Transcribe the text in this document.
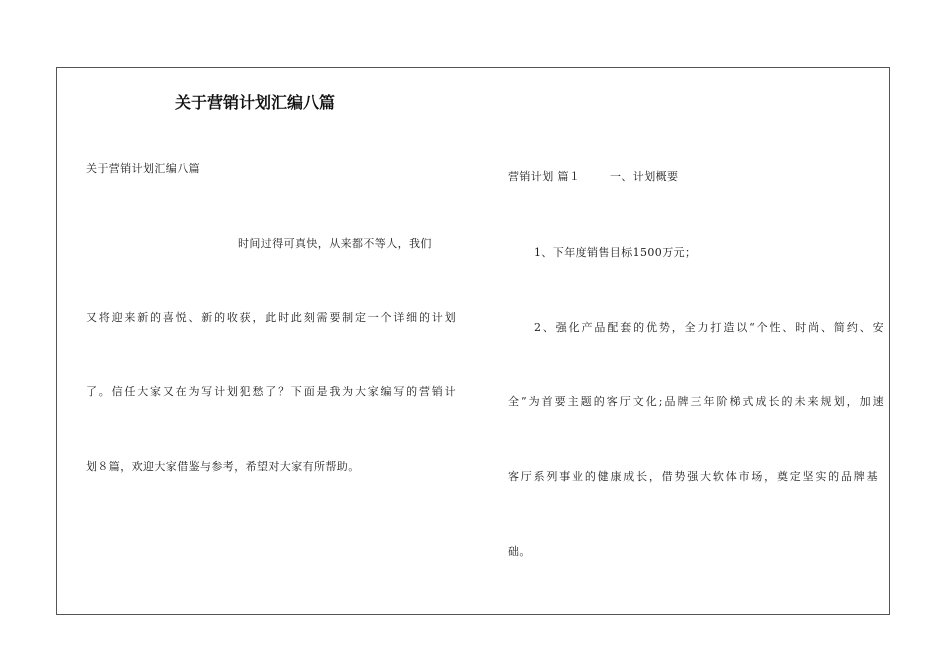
关于营销计划汇编八篇
关于营销计划汇编八篇
时间过得可真快，从来都不等人，我们
又将迎来新的喜悦、新的收获，此时此刻需要制定一个详细的计划
了。信任大家又在为写计划犯愁了？下面是我为大家编写的营销计
划８篇，欢迎大家借鉴与参考，希望对大家有所帮助。
营销计划 篇１	一、计划概要
1、下年度销售目标1500万元；
2、强化产品配套的优势，全力打造以“个性、时尚、简约、安
全”为首要主题的客厅文化;品牌三年阶梯式成长的未来规划，加速
客厅系列事业的健康成长，借势强大软体市场，奠定坚实的品牌基
础。
